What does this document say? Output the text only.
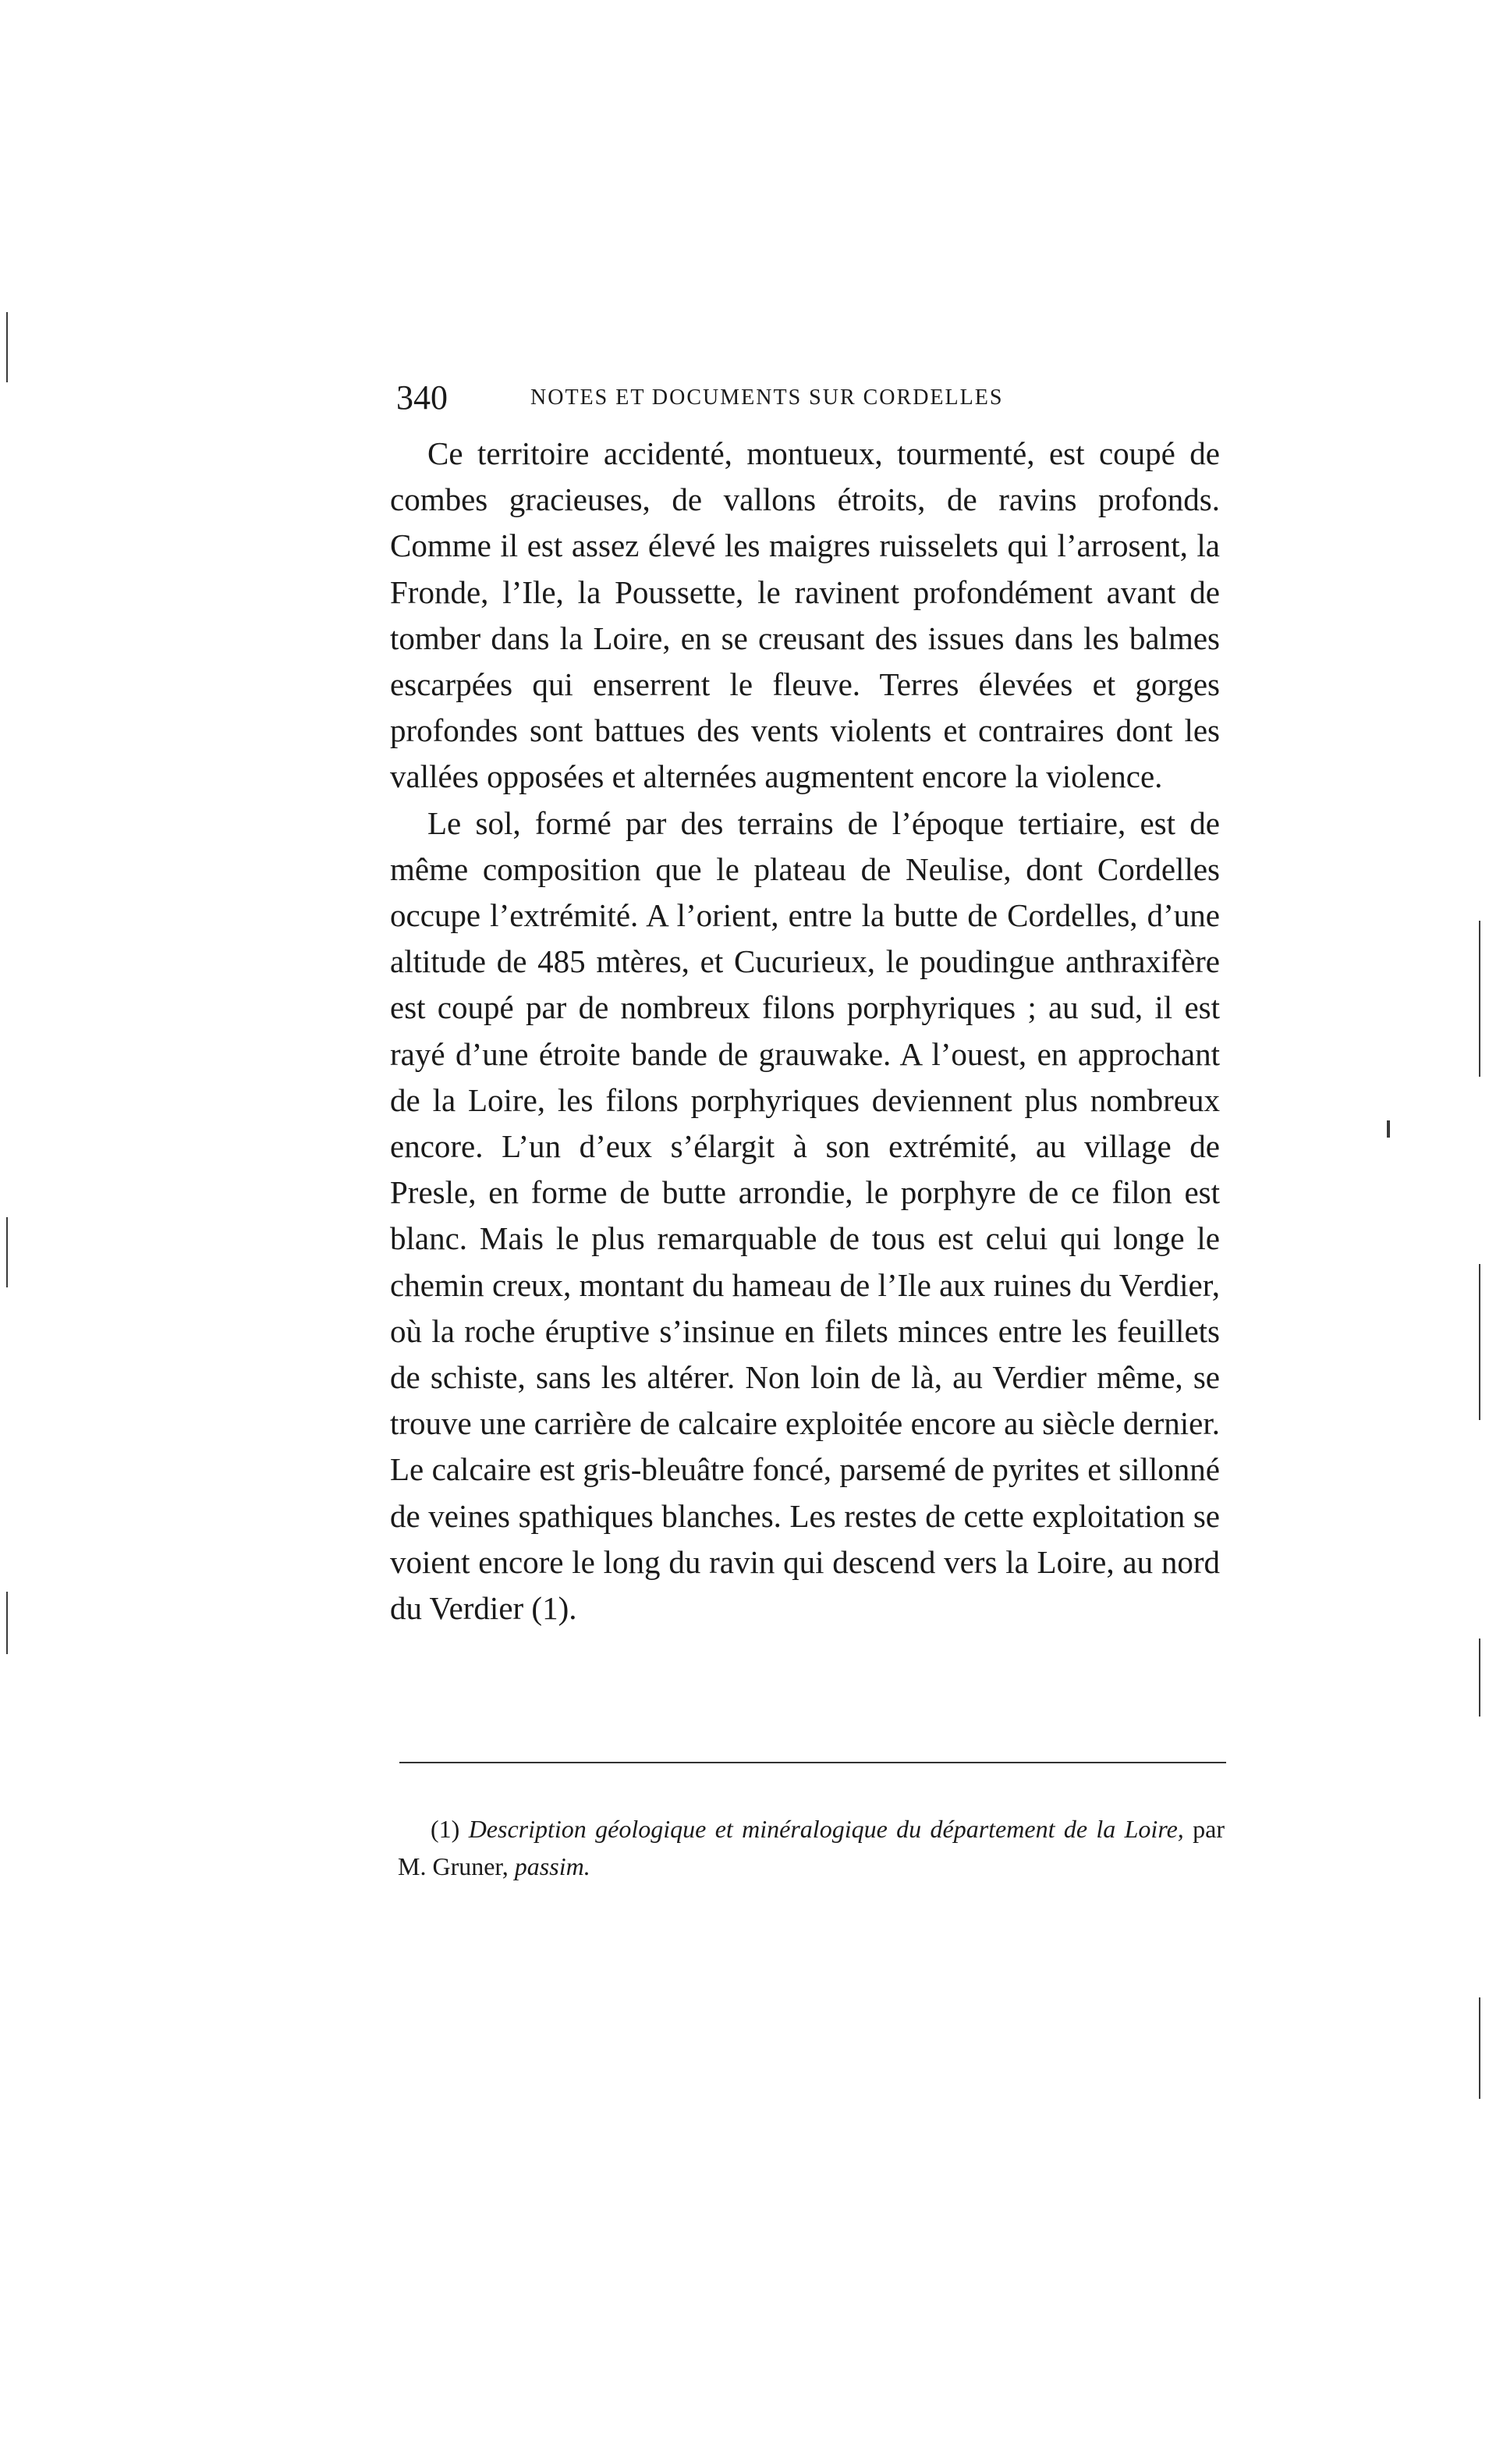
340	NOTES ET DOCUMENTS SUR CORDELLES

Ce territoire accidenté, montueux, tourmenté, est coupé de combes gracieuses, de vallons étroits, de ravins profonds. Comme il est assez élevé les maigres ruisselets qui l’arrosent, la Fronde, l’Ile, la Poussette, le ravinent profondément avant de tomber dans la Loire, en se creusant des issues dans les balmes escarpées qui enserrent le fleuve. Terres élevées et gorges profondes sont battues des vents violents et contraires dont les vallées opposées et alternées augmentent encore la violence.

Le sol, formé par des terrains de l’époque tertiaire, est de même composition que le plateau de Neulise, dont Cordelles occupe l’extrémité. A l’orient, entre la butte de Cordelles, d’une altitude de 485 mtères, et Cucurieux, le poudingue anthraxifère est coupé par de nombreux filons porphyriques ; au sud, il est rayé d’une étroite bande de grauwake. A l’ouest, en approchant de la Loire, les filons porphyriques deviennent plus nombreux encore. L’un d’eux s’élargit à son extrémité, au village de Presle, en forme de butte arrondie, le porphyre de ce filon est blanc. Mais le plus remarquable de tous est celui qui longe le chemin creux, montant du hameau de l’Ile aux ruines du Verdier, où la roche éruptive s’insinue en filets minces entre les feuillets de schiste, sans les altérer. Non loin de là, au Verdier même, se trouve une carrière de calcaire exploitée encore au siècle dernier. Le calcaire est gris-bleuâtre foncé, parsemé de pyrites et sillonné de veines spathiques blanches. Les restes de cette exploitation se voient encore le long du ravin qui descend vers la Loire, au nord du Verdier (1).

(1) Description géologique et minéralogique du département de la Loire, par M. Gruner, passim.
